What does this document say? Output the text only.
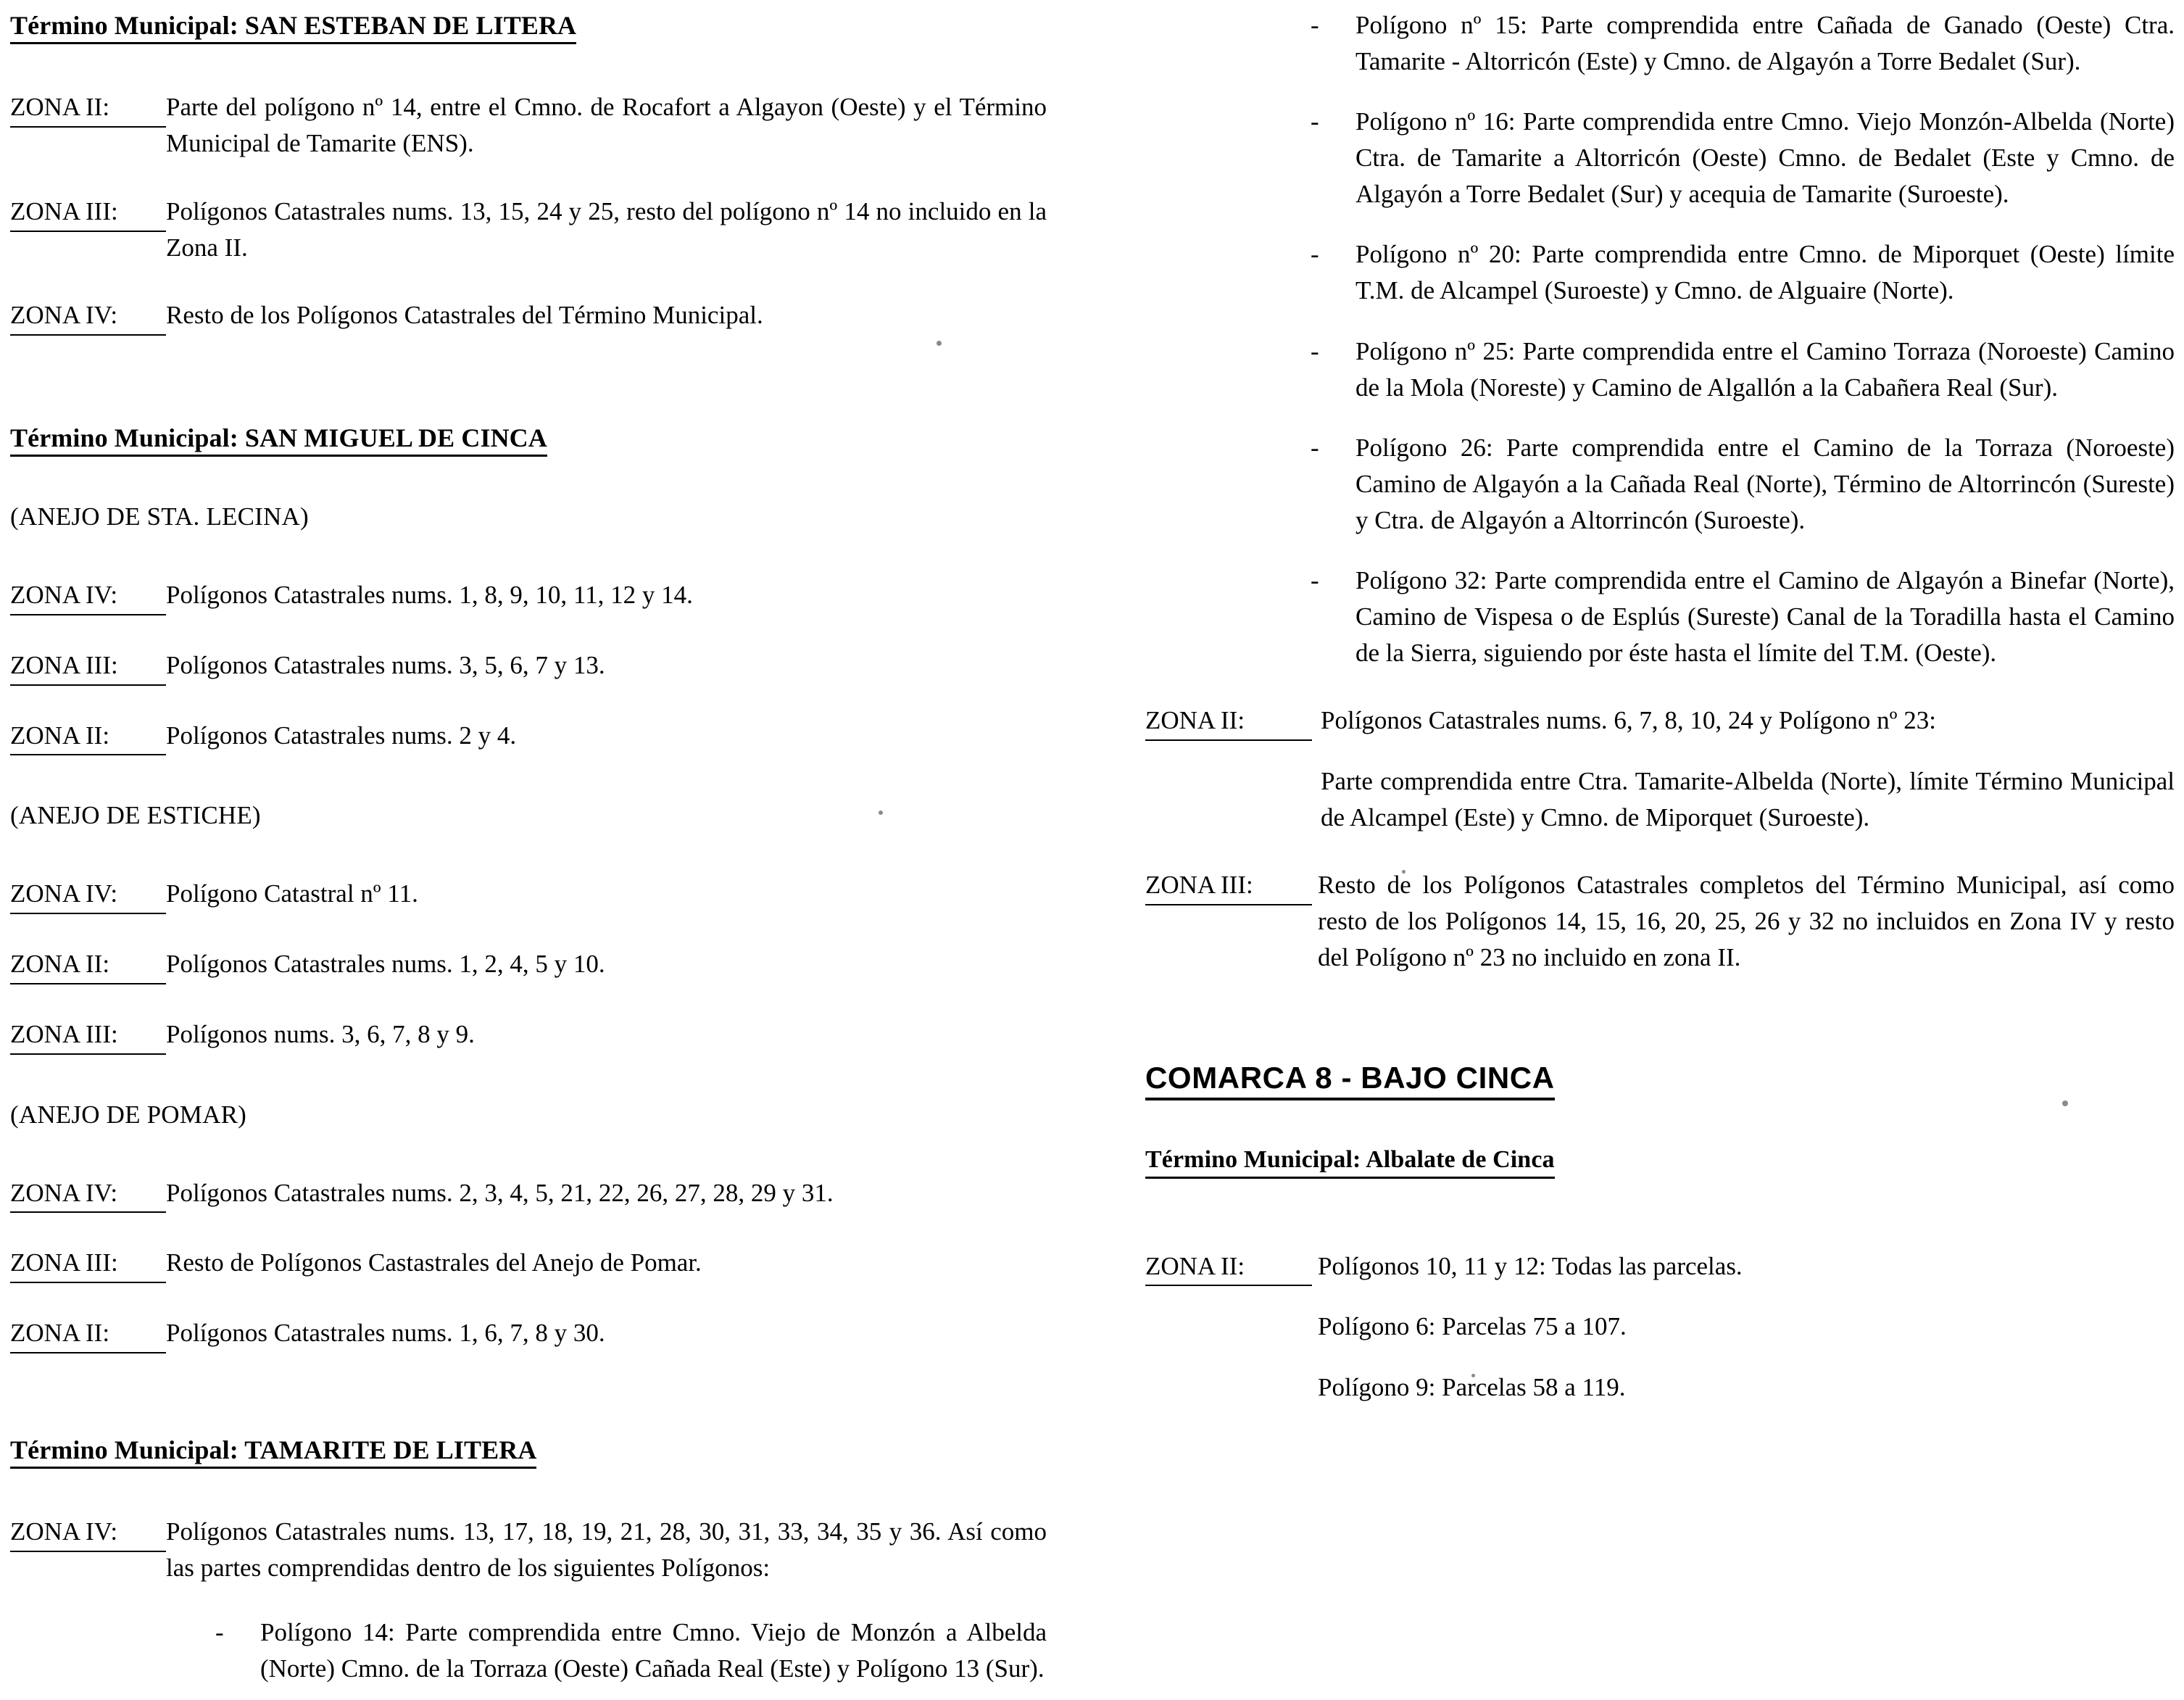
Término Municipal: SAN ESTEBAN DE LITERA
ZONA II:	Parte del polígono nº 14, entre el Cmno. de Rocafort a Algayon (Oeste) y el Término Municipal de Tamarite (ENS).

ZONA III:	Polígonos Catastrales nums. 13, 15, 24 y 25, resto del polígono nº 14 no incluido en la Zona II.

ZONA IV:	Resto de los Polígonos Catastrales del Término Municipal.

Término Municipal: SAN MIGUEL DE CINCA
(ANEJO DE STA. LECINA)
ZONA IV:	Polígonos Catastrales nums. 1, 8, 9, 10, 11, 12 y 14.

ZONA III:	Polígonos Catastrales nums. 3, 5, 6, 7 y 13.

ZONA II:	Polígonos Catastrales nums. 2 y 4.

(ANEJO DE ESTICHE)
ZONA IV:	Polígono Catastral nº 11.

ZONA II:	Polígonos Catastrales nums. 1, 2, 4, 5 y 10.

ZONA III:	Polígonos nums. 3, 6, 7, 8 y 9.

(ANEJO DE POMAR)
ZONA IV:	Polígonos Catastrales nums. 2, 3, 4, 5, 21, 22, 26, 27, 28, 29 y 31.

ZONA III:	Resto de Polígonos Castastrales del Anejo de Pomar.

ZONA II:	Polígonos Catastrales nums. 1, 6, 7, 8 y 30.

Término Municipal: TAMARITE DE LITERA
ZONA IV:	Polígonos Catastrales nums. 13, 17, 18, 19, 21, 28, 30, 31, 33, 34, 35 y 36. Así como las partes comprendidas dentro de los siguientes Polígonos:

- Polígono 14: Parte comprendida entre Cmno. Viejo de Monzón a Albelda (Norte) Cmno. de la Torraza (Oeste) Cañada Real (Este) y Polígono 13 (Sur).
- Polígono nº 15: Parte comprendida entre Cañada de Ganado (Oeste) Ctra. Tamarite - Altorricón (Este) y Cmno. de Algayón a Torre Bedalet (Sur).
- Polígono nº 16: Parte comprendida entre Cmno. Viejo Monzón-Albelda (Norte) Ctra. de Tamarite a Altorricón (Oeste) Cmno. de Bedalet (Este y Cmno. de Algayón a Torre Bedalet (Sur) y acequia de Tamarite (Suroeste).
- Polígono nº 20: Parte comprendida entre Cmno. de Miporquet (Oeste) límite T.M. de Alcampel (Suroeste) y Cmno. de Alguaire (Norte).
- Polígono nº 25: Parte comprendida entre el Camino Torraza (Noroeste) Camino de la Mola (Noreste) y Camino de Algallón a la Cabañera Real (Sur).
- Polígono 26: Parte comprendida entre el Camino de la Torraza (Noroeste) Camino de Algayón a la Cañada Real (Norte), Término de Altorrincón (Sureste) y Ctra. de Algayón a Altorrincón (Suroeste).
- Polígono 32: Parte comprendida entre el Camino de Algayón a Binefar (Norte), Camino de Vispesa o de Esplús (Sureste) Canal de la Toradilla hasta el Camino de la Sierra, siguiendo por éste hasta el límite del T.M. (Oeste).
ZONA II:	Polígonos Catastrales nums. 6, 7, 8, 10, 24 y Polígono nº 23:

Parte comprendida entre Ctra. Tamarite-Albelda (Norte), límite Término Municipal de Alcampel (Este) y Cmno. de Miporquet (Suroeste).

ZONA III:	Resto de los Polígonos Catastrales completos del Término Municipal, así como resto de los Polígonos 14, 15, 16, 20, 25, 26 y 32 no incluidos en Zona IV y resto del Polígono nº 23 no incluido en zona II.

COMARCA 8 - BAJO CINCA
Término Municipal: Albalate de Cinca
ZONA II:	Polígonos 10, 11 y 12: Todas las parcelas.

Polígono 6: Parcelas 75 a 107.

Polígono 9: Parcelas 58 a 119.
